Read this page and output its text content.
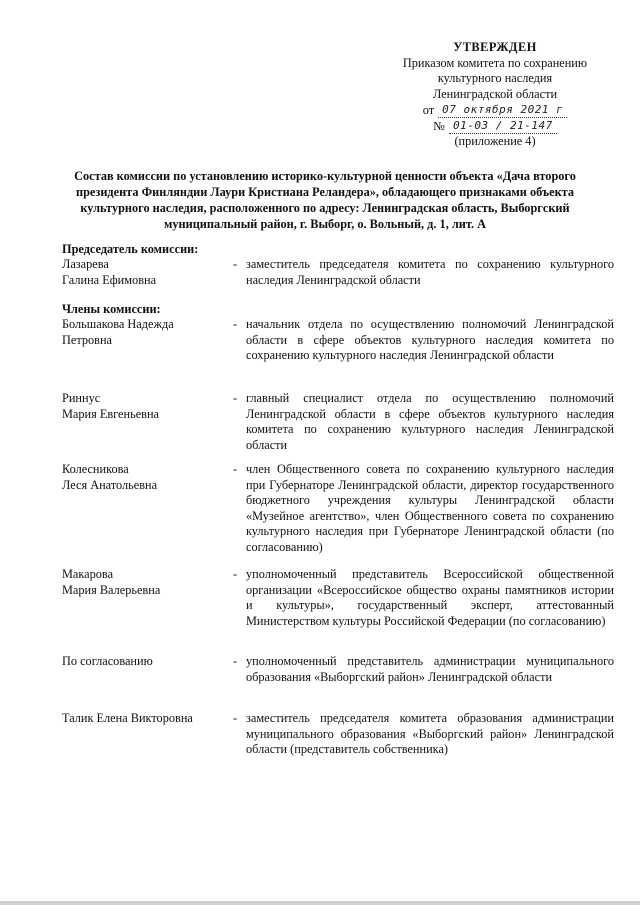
УТВЕРЖДЕН
Приказом комитета по сохранению
культурного наследия
Ленинградской области
от 07 октября 2021 г
№ 01-03 / 21-147
(приложение 4)
Состав комиссии по установлению историко-культурной ценности объекта «Дача второго
президента Финляндии Лаури Кристиана Реландера», обладающего признаками объекта
культурного наследия, расположенного по адресу: Ленинградская область, Выборгский
муниципальный район, г. Выборг, о. Вольный, д. 1, лит. А
Председатель комиссии:
Лазарева
Галина Ефимовна
- заместитель председателя комитета по сохранению культурного наследия Ленинградской области
Члены комиссии:
Большакова Надежда
Петровна
- начальник отдела по осуществлению полномочий Ленинградской области в сфере объектов культурного наследия комитета по сохранению культурного наследия Ленинградской области
Риннус
Мария Евгеньевна
- главный специалист отдела по осуществлению полномочий Ленинградской области в сфере объектов культурного наследия комитета по сохранению культурного наследия Ленинградской области
Колесникова
Леся Анатольевна
- член Общественного совета по сохранению культурного наследия при Губернаторе Ленинградской области, директор государственного бюджетного учреждения культуры Ленинградской области «Музейное агентство», член Общественного совета по сохранению культурного наследия при Губернаторе Ленинградской области (по согласованию)
Макарова
Мария Валерьевна
- уполномоченный представитель Всероссийской общественной организации «Всероссийское общество охраны памятников истории и культуры», государственный эксперт, аттестованный Министерством культуры Российской Федерации (по согласованию)
По согласованию	- уполномоченный представитель администрации муниципального образования «Выборгский район» Ленинградской области
Талик Елена Викторовна	- заместитель председателя комитета образования администрации муниципального образования «Выборгский район» Ленинградской области (представитель собственника)
